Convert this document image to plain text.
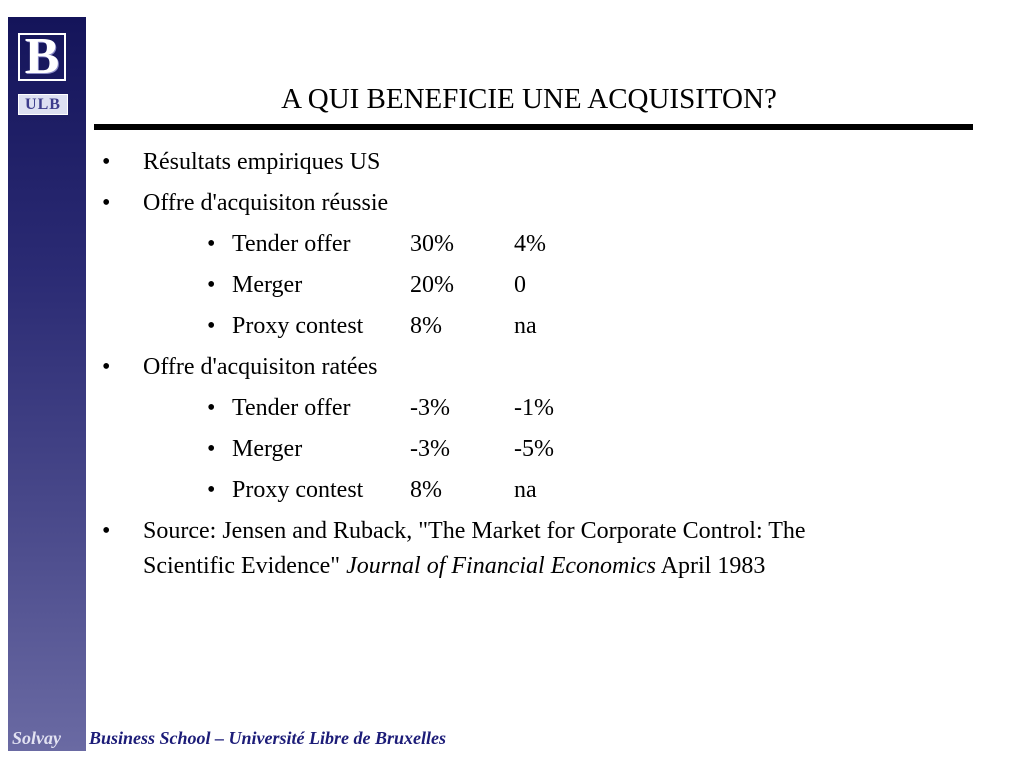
B
ULB	A QUI BENEFICIE UNE ACQUISITON?
• Résultats empiriques US
• Offre d'acquisiton réussie
• Tender offer 30%	4%
• Merger	20%	0
• Proxy contest 8%	na
• Offre d'acquisiton ratées
• Tender offer -3%	-1%
• Merger	-3%	-5%
• Proxy contest 8%	na
• Source: Jensen and Ruback, "The Market for Corporate Control: The
Scientific Evidence" Journal of Financial Economics April 1983
Solvay Business School – Université Libre de Bruxelles
